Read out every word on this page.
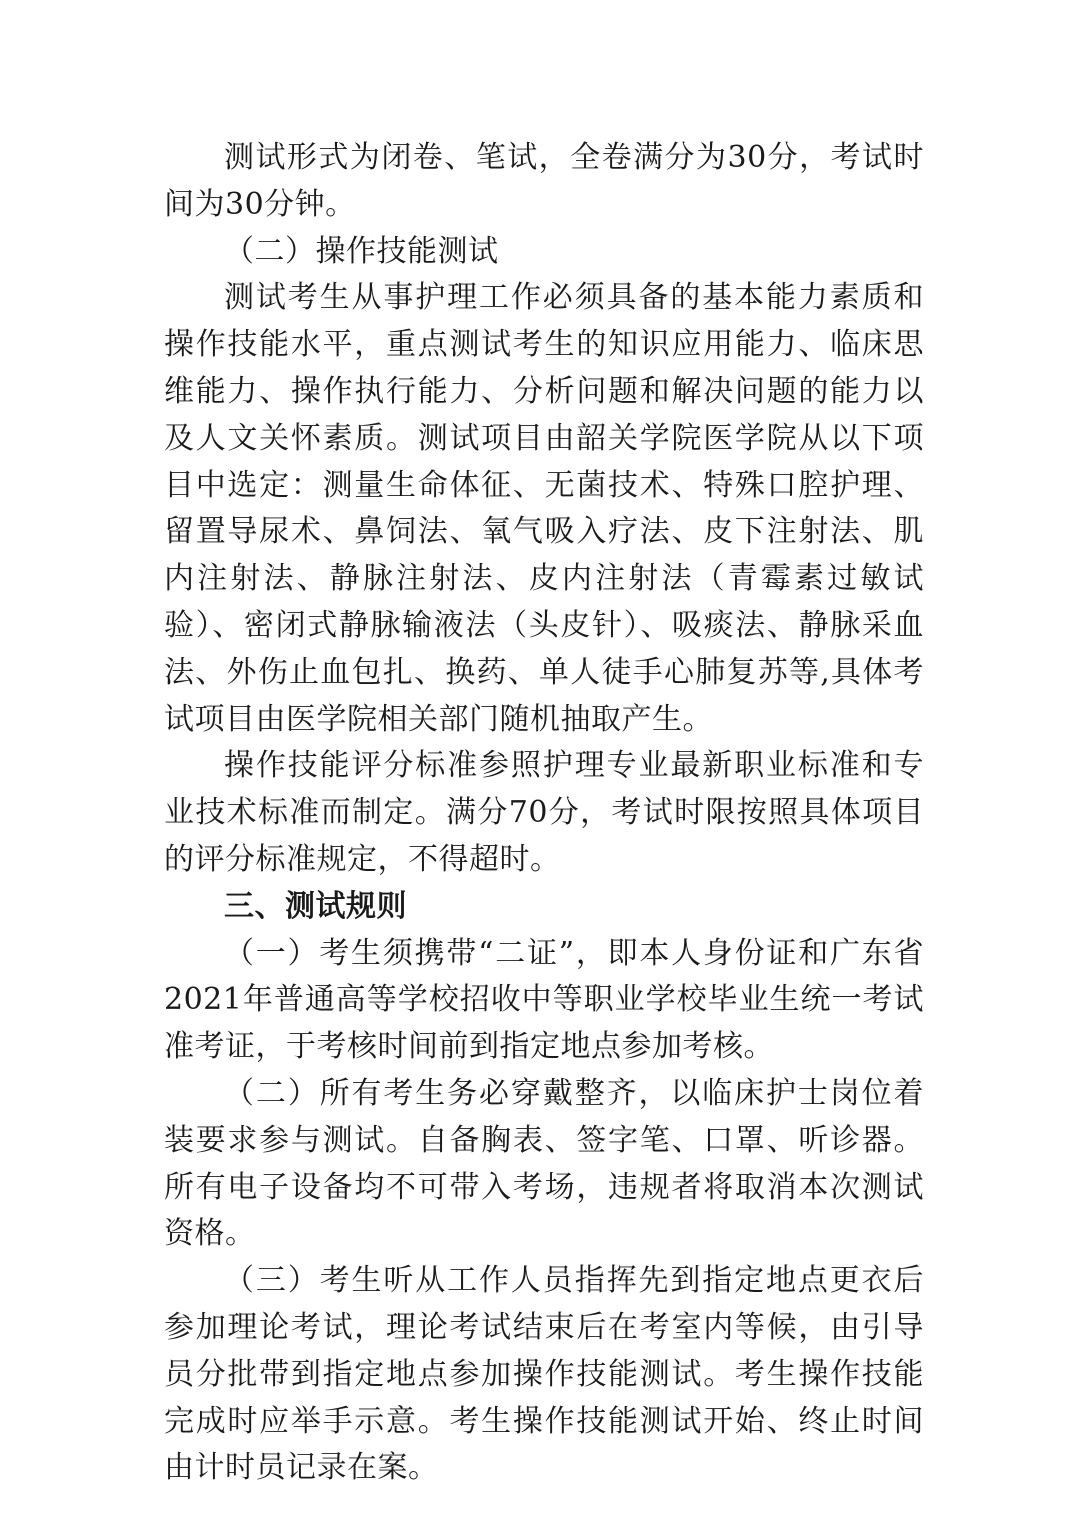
测试形式为闭卷、笔试，全卷满分为30分，考试时间为30分钟。

（二）操作技能测试

测试考生从事护理工作必须具备的基本能力素质和操作技能水平，重点测试考生的知识应用能力、临床思维能力、操作执行能力、分析问题和解决问题的能力以及人文关怀素质。测试项目由韶关学院医学院从以下项目中选定：测量生命体征、无菌技术、特殊口腔护理、留置导尿术、鼻饲法、氧气吸入疗法、皮下注射法、肌内注射法、静脉注射法、皮内注射法（青霉素过敏试验）、密闭式静脉输液法（头皮针）、吸痰法、静脉采血法、外伤止血包扎、换药、单人徒手心肺复苏等,具体考试项目由医学院相关部门随机抽取产生。

操作技能评分标准参照护理专业最新职业标准和专业技术标准而制定。满分70分，考试时限按照具体项目的评分标准规定，不得超时。

三、测试规则

（一）考生须携带“二证”，即本人身份证和广东省2021年普通高等学校招收中等职业学校毕业生统一考试准考证，于考核时间前到指定地点参加考核。

（二）所有考生务必穿戴整齐，以临床护士岗位着装要求参与测试。自备胸表、签字笔、口罩、听诊器。所有电子设备均不可带入考场，违规者将取消本次测试资格。

（三）考生听从工作人员指挥先到指定地点更衣后参加理论考试，理论考试结束后在考室内等候，由引导员分批带到指定地点参加操作技能测试。考生操作技能完成时应举手示意。考生操作技能测试开始、终止时间由计时员记录在案。
